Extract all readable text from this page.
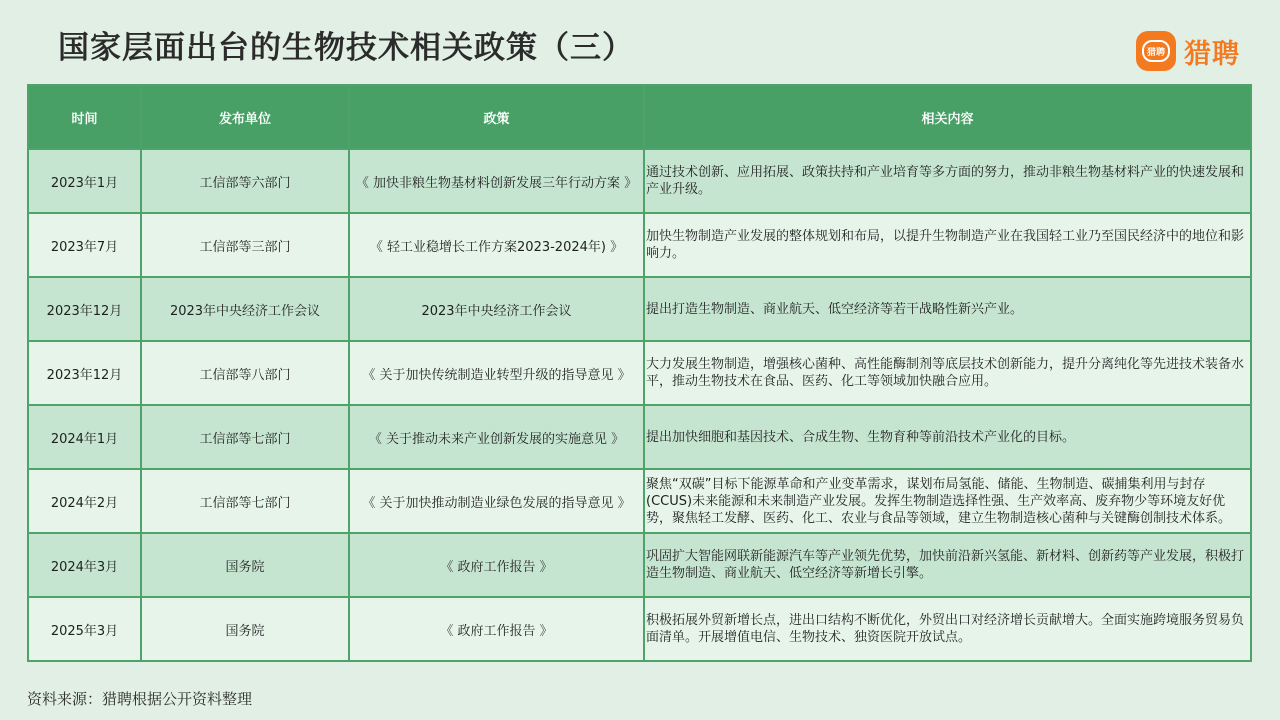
国家层面出台的生物技术相关政策（三）	猎聘 猎聘
时间	发布单位	政策	相关内容
2023年1月	工信部等六部门	《 加快非粮生物基材料创新发展三年行动方案 》	通过技术创新、应用拓展、政策扶持和产业培育等多方面的努力，推动非粮生物基材料产业的快速发展和产业升级。
2023年7月	工信部等三部门	《 轻工业稳增长工作方案2023-2024年) 》	加快生物制造产业发展的整体规划和布局，以提升生物制造产业在我国轻工业乃至国民经济中的地位和影响力。
2023年12月	2023年中央经济工作会议	2023年中央经济工作会议	提出打造生物制造、商业航天、低空经济等若干战略性新兴产业。
2023年12月	工信部等八部门	《 关于加快传统制造业转型升级的指导意见 》	大力发展生物制造，增强核心菌种、高性能酶制剂等底层技术创新能力，提升分离纯化等先进技术装备水平，推动生物技术在食品、医药、化工等领域加快融合应用。
2024年1月	工信部等七部门	《 关于推动未来产业创新发展的实施意见 》	提出加快细胞和基因技术、合成生物、生物育种等前沿技术产业化的目标。
2024年2月	工信部等七部门	《 关于加快推动制造业绿色发展的指导意见 》	聚焦“双碳”目标下能源革命和产业变革需求，谋划布局氢能、储能、生物制造、碳捕集利用与封存(CCUS)未来能源和未来制造产业发展。发挥生物制造选择性强、生产效率高、废弃物少等环境友好优势，聚焦轻工发酵、医药、化工、农业与食品等领域，建立生物制造核心菌种与关键酶创制技术体系。
2024年3月	国务院	《 政府工作报告 》	巩固扩大智能网联新能源汽车等产业领先优势，加快前沿新兴氢能、新材料、创新药等产业发展，积极打造生物制造、商业航天、低空经济等新增长引擎。
2025年3月	国务院	《 政府工作报告 》	积极拓展外贸新增长点，进出口结构不断优化，外贸出口对经济增长贡献增大。全面实施跨境服务贸易负面清单。开展增值电信、生物技术、独资医院开放试点。
资料来源：猎聘根据公开资料整理
